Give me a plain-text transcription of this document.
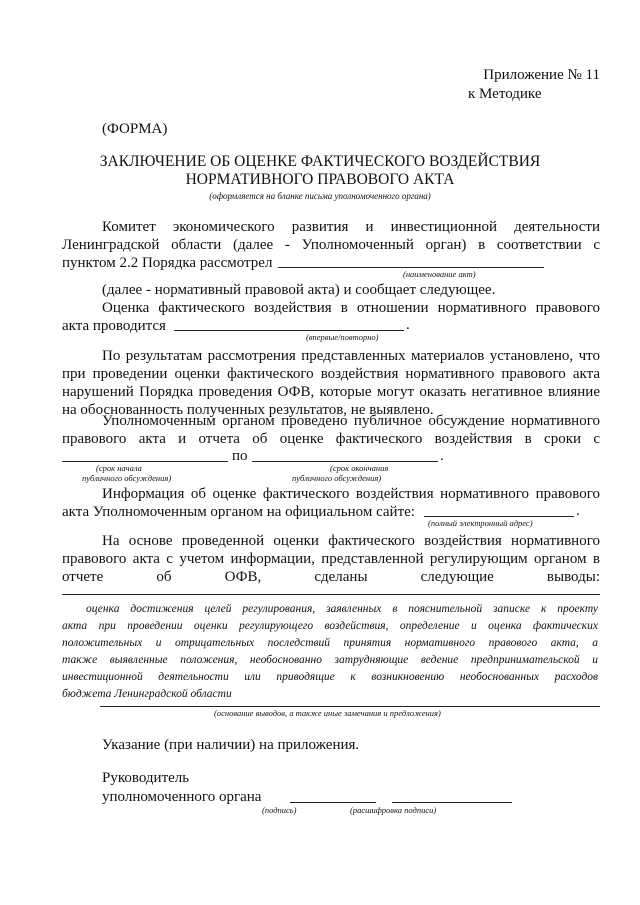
Приложение № 11
к Методике
(ФОРМА)
ЗАКЛЮЧЕНИЕ ОБ ОЦЕНКЕ ФАКТИЧЕСКОГО ВОЗДЕЙСТВИЯ
НОРМАТИВНОГО ПРАВОВОГО АКТА
(оформляется на бланке письма уполномоченного органа)
Комитет экономического развития и инвестиционной деятельности
Ленинградской области (далее - Уполномоченный орган) в соответствии с
пунктом 2.2 Порядка рассмотрел
(наименование акт)
(далее - нормативный правовой акта) и сообщает следующее.
Оценка фактического воздействия в отношении нормативного правового
акта проводится	.
(впервые/повторно)
По результатам рассмотрения представленных материалов установлено, что
при проведении оценки фактического воздействия нормативного правового акта
нарушений Порядка проведения ОФВ, которые могут оказать негативное влияние
на обоснованность полученных результатов, не выявлено.
Уполномоченным органом проведено публичное обсуждение нормативного
правового акта и отчета об оценке фактического воздействия в сроки с
по	.
(срок начала
публичного обсуждения)
(срок окончания
публичного обсуждения)
Информация об оценке фактического воздействия нормативного правового
акта Уполномоченным органом на официальном сайте:	.
(полный электронный адрес)
На основе проведенной оценки фактического воздействия нормативного
правового акта с учетом информации, представленной регулирующим органом в
отчете об ОФВ, сделаны следующие выводы:
оценка достижения целей регулирования, заявленных в пояснительной записке к проекту
акта при проведении оценки регулирующего воздействия, определение и оценка фактических
положительных и отрицательных последствий принятия нормативного правового акта, а
также выявленные положения, необоснованно затрудняющие ведение предпринимательской и
инвестиционной деятельности или приводящие к возникновению необоснованных расходов
бюджета Ленинградской области
(основание выводов, а также иные замечания и предложения)
Указание (при наличии) на приложения.
Руководитель
уполномоченного органа
(подпись)	(расшифровка подписи)
